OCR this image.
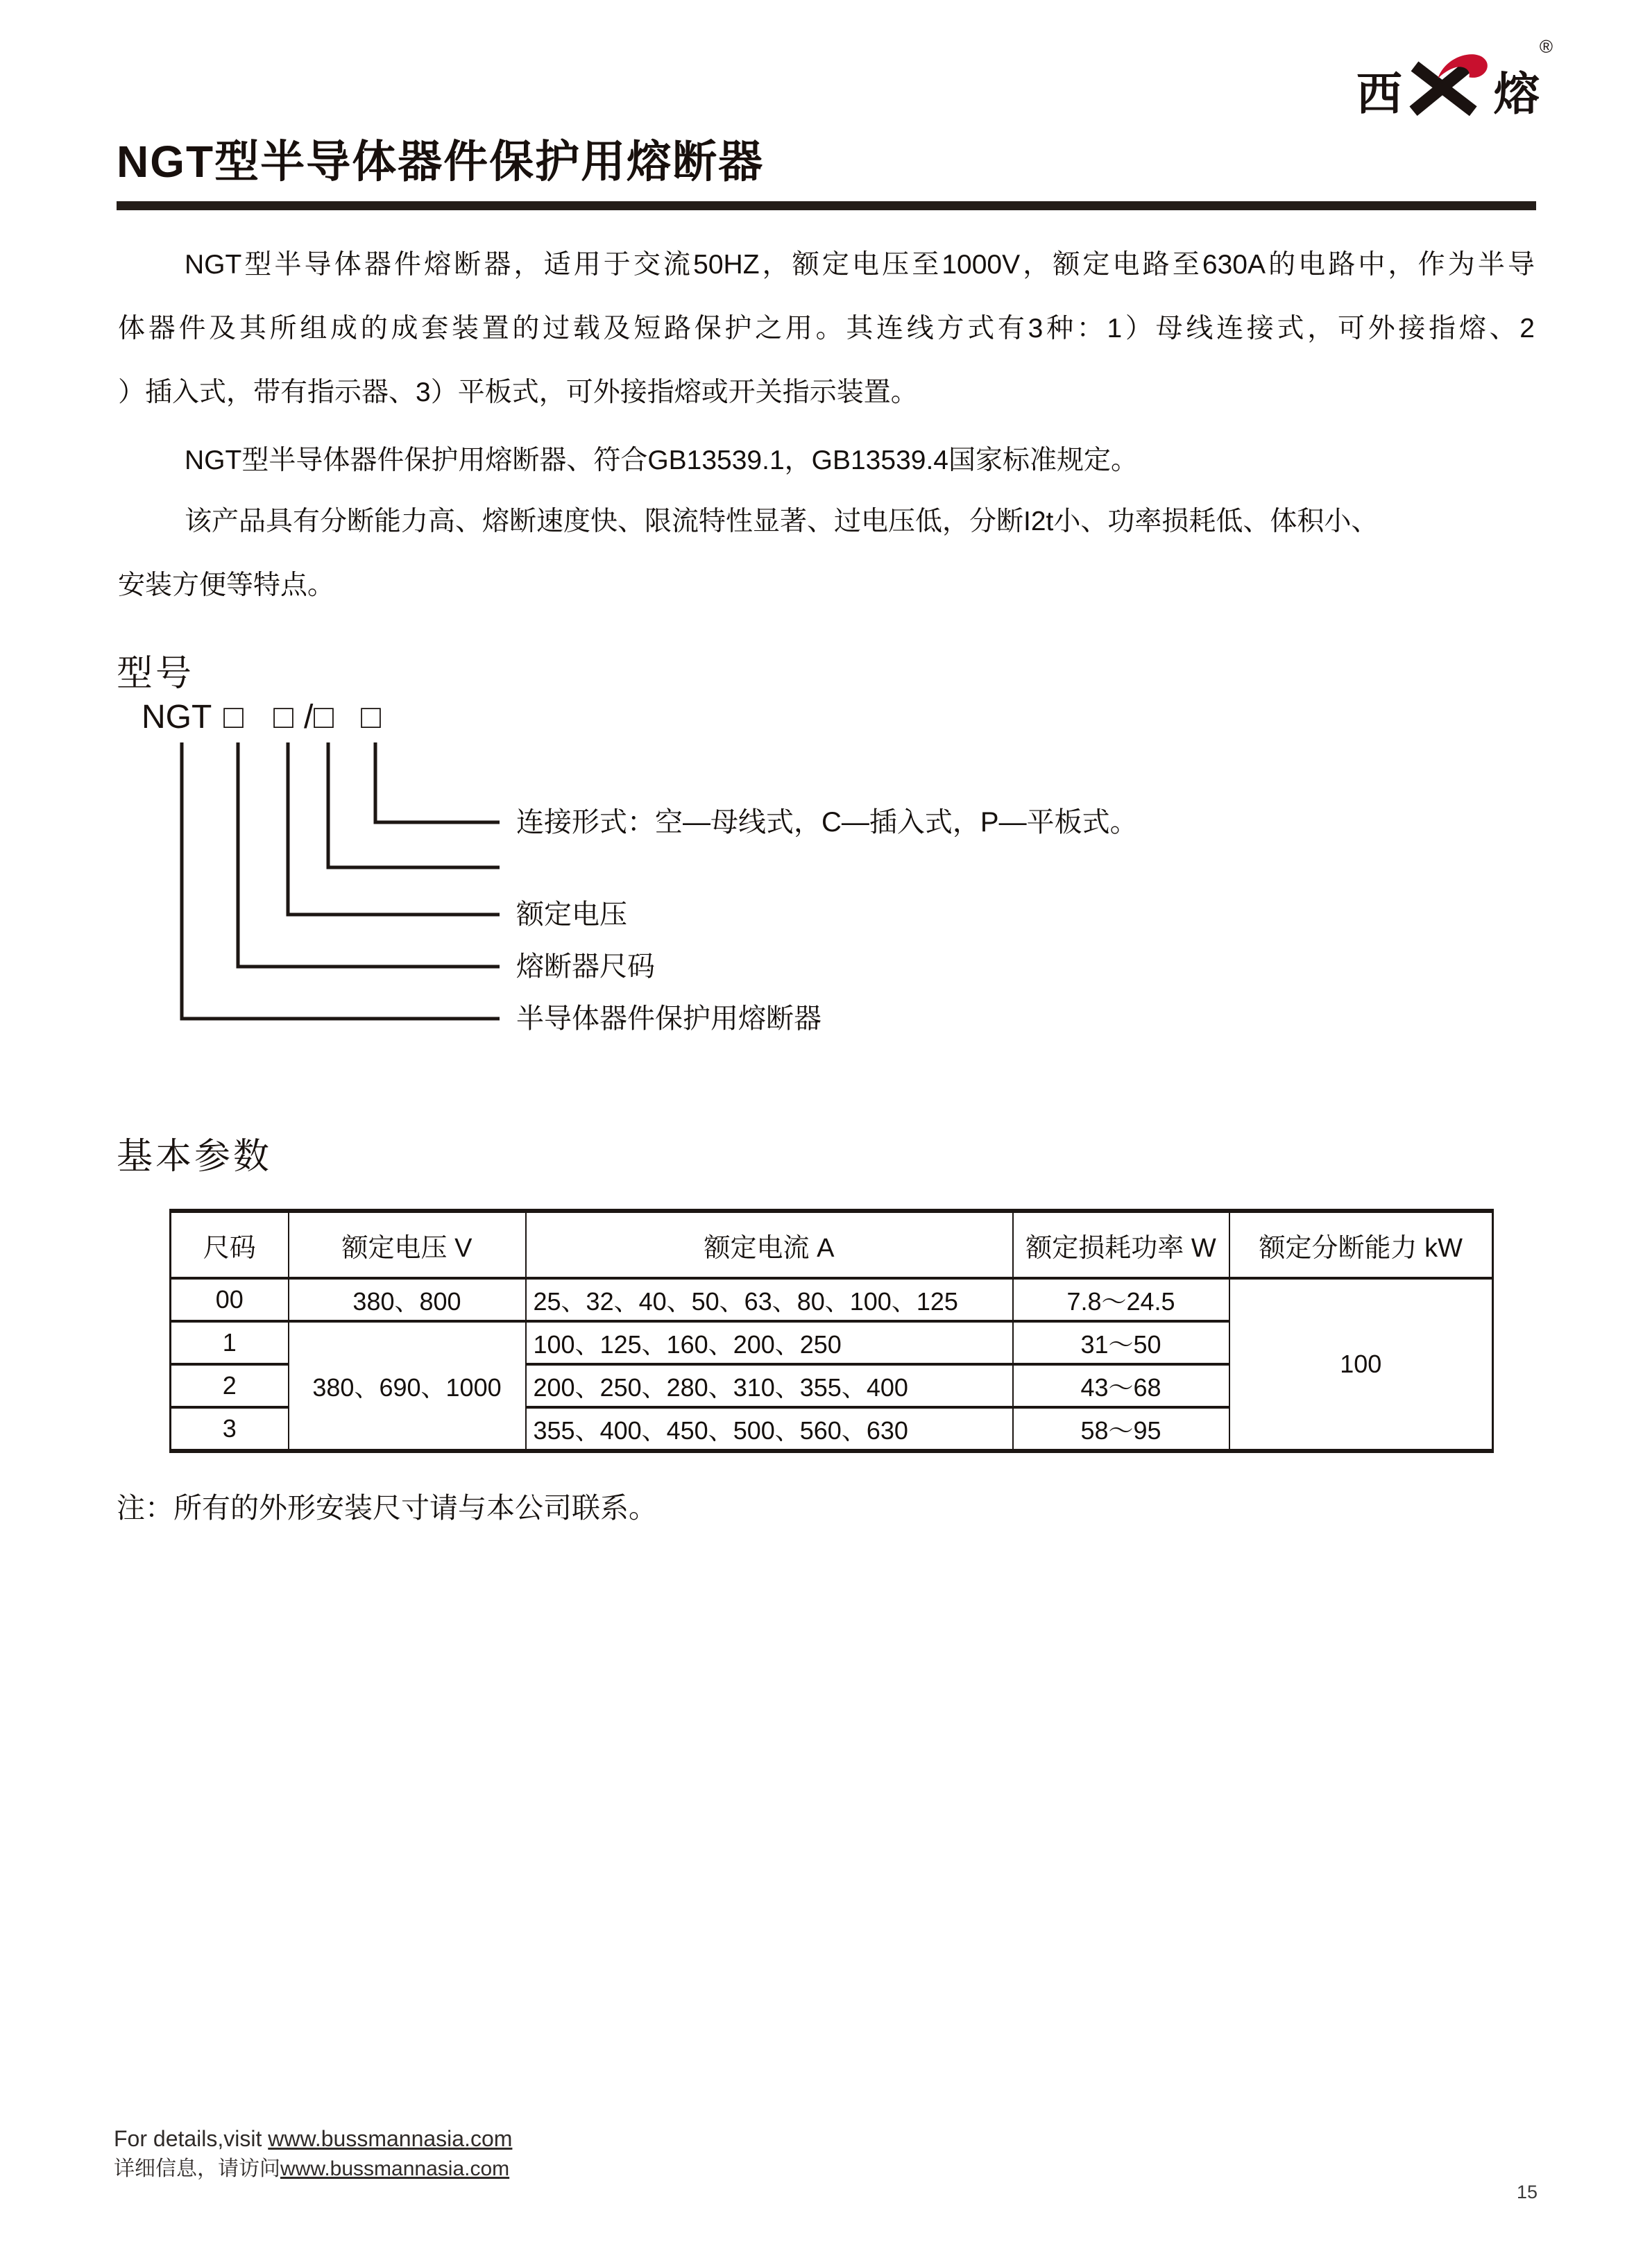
西 熔
®
NGT型半导体器件保护用熔断器
NGT型半导体器件熔断器，适用于交流50HZ，额定电压至1000V，额定电路至630A的电路中，作为半导
体器件及其所组成的成套装置的过载及短路保护之用。其连线方式有3种：1）母线连接式，可外接指熔、2
）插入式，带有指示器、3）平板式，可外接指熔或开关指示装置。
NGT型半导体器件保护用熔断器、符合GB13539.1，GB13539.4国家标准规定。
该产品具有分断能力高、熔断速度快、限流特性显著、过电压低，分断I2t小、功率损耗低、体积小、
安装方便等特点。
型号
NGT □ □ / □ □
连接形式：空—母线式，C—插入式，P—平板式。
额定电压
熔断器尺码
半导体器件保护用熔断器
基本参数
尺码	额定电压 V	额定电流 A	额定损耗功率 W	额定分断能力 kW
00	380、800	25、32、40、50、63、80、100、125	7.8～24.5	100
1	380、690、1000	100、125、160、200、250	31～50	
2		200、250、280、310、355、400	43～68	
3		355、400、450、500、560、630	58～95	
注：所有的外形安装尺寸请与本公司联系。
For details,visit www.bussmannasia.com
详细信息，请访问www.bussmannasia.com
15
